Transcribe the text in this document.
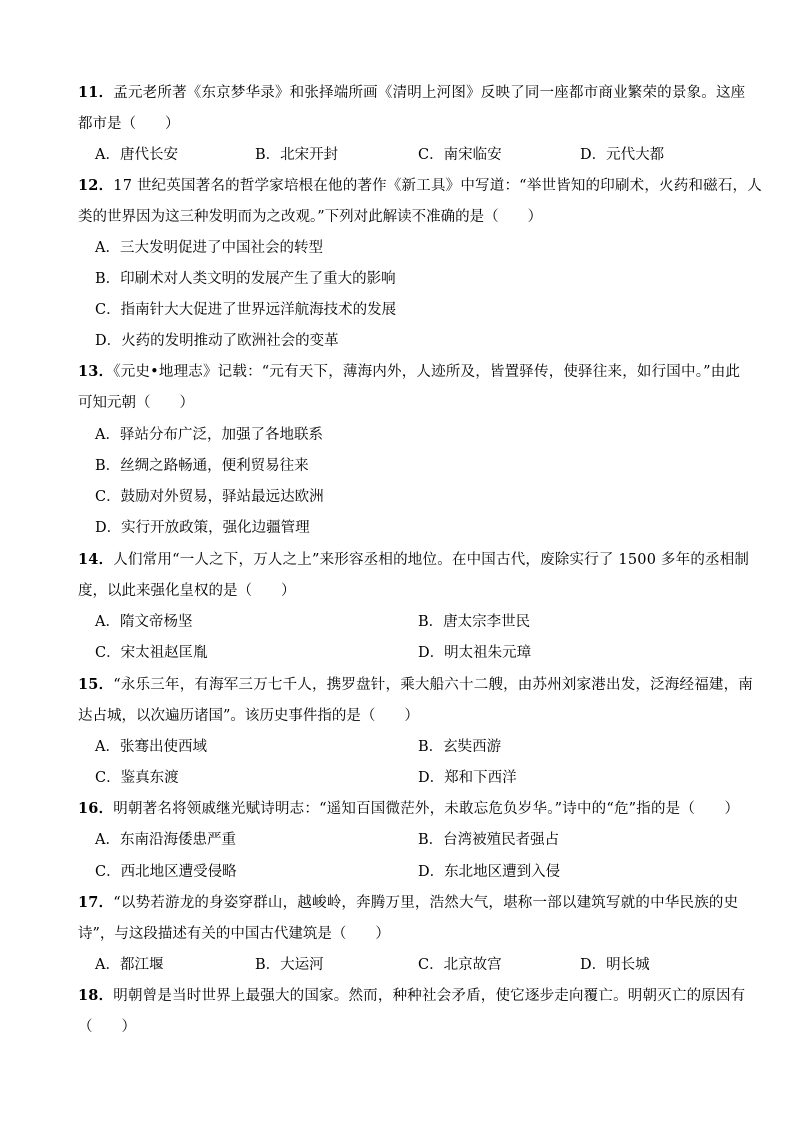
11．孟元老所著《东京梦华录》和张择端所画《清明上河图》反映了同一座都市商业繁荣的景象。这座
都市是（　　）
A．唐代长安	B．北宋开封	C．南宋临安	D．元代大都
12．17 世纪英国著名的哲学家培根在他的著作《新工具》中写道：“举世皆知的印刷术，火药和磁石，人
类的世界因为这三种发明而为之改观。”下列对此解读不准确的是（　　）
A．三大发明促进了中国社会的转型
B．印刷术对人类文明的发展产生了重大的影响
C．指南针大大促进了世界远洋航海技术的发展
D．火药的发明推动了欧洲社会的变革
13．《元史•地理志》记载：“元有天下，薄海内外，人迹所及，皆置驿传，使驿往来，如行国中。”由此
可知元朝（　　）
A．驿站分布广泛，加强了各地联系
B．丝绸之路畅通，便利贸易往来
C．鼓励对外贸易，驿站最远达欧洲
D．实行开放政策，强化边疆管理
14．人们常用“一人之下，万人之上”来形容丞相的地位。在中国古代，废除实行了 1500 多年的丞相制
度，以此来强化皇权的是（　　）
A．隋文帝杨坚	B．唐太宗李世民
C．宋太祖赵匡胤	D．明太祖朱元璋
15．“永乐三年，有海军三万七千人，携罗盘针，乘大船六十二艘，由苏州刘家港出发，泛海经福建，南
达占城，以次遍历诸国”。该历史事件指的是（　　）
A．张骞出使西域	B．玄奘西游
C．鉴真东渡	D．郑和下西洋
16．明朝著名将领戚继光赋诗明志：“遥知百国微茫外，未敢忘危负岁华。”诗中的“危”指的是（　　）
A．东南沿海倭患严重	B．台湾被殖民者强占
C．西北地区遭受侵略	D．东北地区遭到入侵
17．“以势若游龙的身姿穿群山，越峻岭，奔腾万里，浩然大气，堪称一部以建筑写就的中华民族的史
诗”，与这段描述有关的中国古代建筑是（　　）
A．都江堰	B．大运河	C．北京故宫	D．明长城
18．明朝曾是当时世界上最强大的国家。然而，种种社会矛盾，使它逐步走向覆亡。明朝灭亡的原因有
（　　）
